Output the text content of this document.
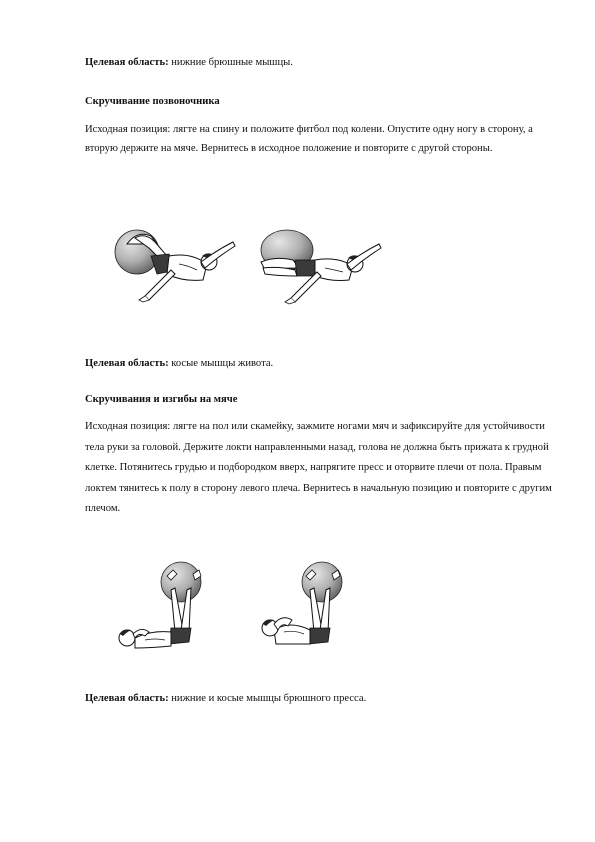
Целевая область: нижние брюшные мышцы.
Скручивание позвоночника
Исходная позиция: лягте на спину и положите фитбол под колени. Опустите одну ногу в сторону, а вторую держите на мяче. Вернитесь в исходное положение и повторите с другой стороны.
Целевая область: косые мышцы живота.
Скручивания и изгибы на мяче
Исходная позиция: лягте на пол или скамейку, зажмите ногами мяч и зафиксируйте для устойчивости тела руки за головой. Держите локти направленными назад, голова не должна быть прижата к грудной клетке. Потянитесь грудью и подбородком вверх, напрягите пресс и оторвите плечи от пола. Правым локтем тянитесь к полу в сторону левого плеча. Вернитесь в начальную позицию и повторите с другим плечом.
Целевая область: нижние и косые мышцы брюшного пресса.
